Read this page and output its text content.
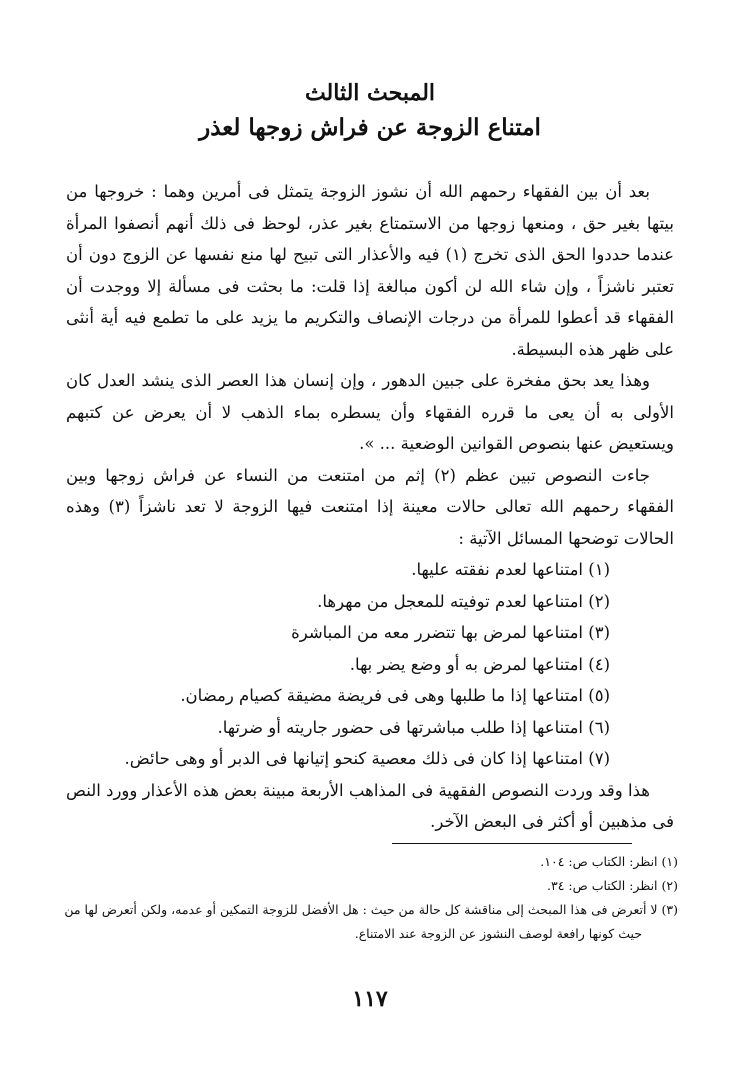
المبحث الثالث
امتناع الزوجة عن فراش زوجها لعذر

بعد أن بين الفقهاء رحمهم الله أن نشوز الزوجة يتمثل فى أمرين وهما : خروجها من بيتها بغير حق ، ومنعها زوجها من الاستمتاع بغير عذر، لوحظ فى ذلك أنهم أنصفوا المرأة عندما حددوا الحق الذى تخرج (١) فيه والأعذار التى تبيح لها منع نفسها عن الزوج دون أن تعتبر ناشزاً ، وإن شاء الله لن أكون مبالغة إذا قلت: ما بحثت فى مسألة إلا ووجدت أن الفقهاء قد أعطوا للمرأة من درجات الإنصاف والتكريم ما يزيد على ما تطمع فيه أية أنثى على ظهر هذه البسيطة.

وهذا يعد بحق مفخرة على جبين الدهور ، وإن إنسان هذا العصر الذى ينشد العدل كان الأولى به أن يعى ما قرره الفقهاء وأن يسطره بماء الذهب لا أن يعرض عن كتبهم ويستعيض عنها بنصوص القوانين الوضعية ... ».

جاءت النصوص تبين عظم (٢) إثم من امتنعت من النساء عن فراش زوجها وبين الفقهاء رحمهم الله تعالى حالات معينة إذا امتنعت فيها الزوجة لا تعد ناشزاً (٣) وهذه الحالات توضحها المسائل الآتية :

(١) امتناعها لعدم نفقته عليها.
(٢) امتناعها لعدم توفيته للمعجل من مهرها.
(٣) امتناعها لمرض بها تتضرر معه من المباشرة
(٤) امتناعها لمرض به أو وضع يضر بها.
(٥) امتناعها إذا ما طلبها وهى فى فريضة مضيقة كصيام رمضان.
(٦) امتناعها إذا طلب مباشرتها فى حضور جاريته أو ضرتها.
(٧) امتناعها إذا كان فى ذلك معصية كنحو إتيانها فى الدبر أو وهى حائض.

هذا وقد وردت النصوص الفقهية فى المذاهب الأربعة مبينة بعض هذه الأعذار وورد النص فى مذهبين أو أكثر فى البعض الآخر.

(١) انظر: الكتاب ص: ١٠٤.

(٢) انظر: الكتاب ص: ٣٤.

(٣) لا أتعرض فى هذا المبحث إلى مناقشة كل حالة من حيث : هل الأفضل للزوجة التمكين أو عدمه، ولكن أتعرض لها من

حيث كونها رافعة لوصف النشوز عن الزوجة عند الامتناع.

١١٧
